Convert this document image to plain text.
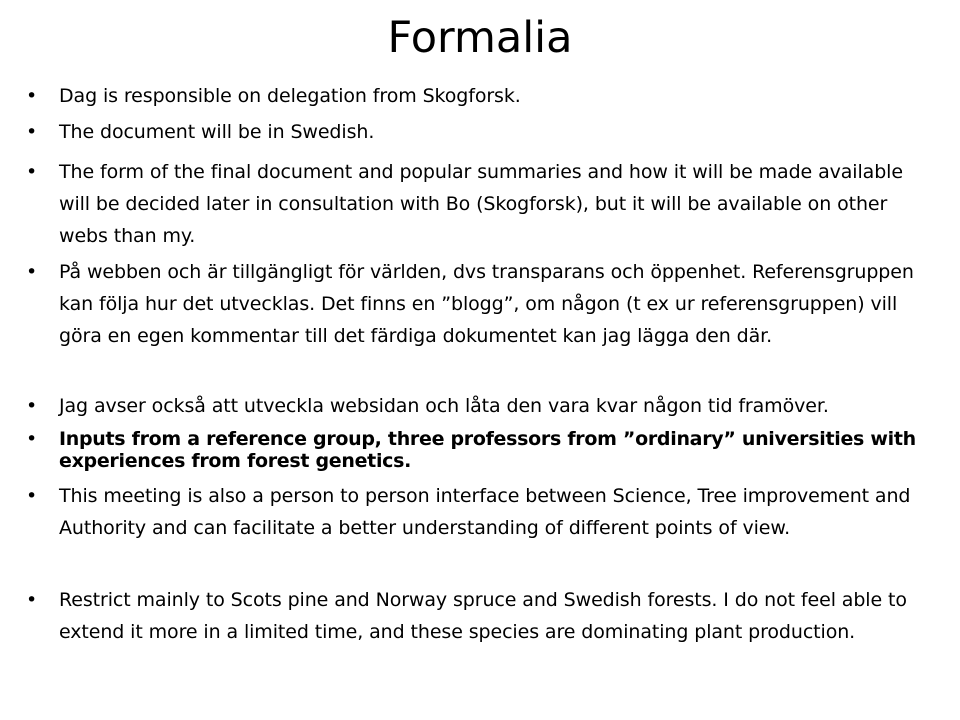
Formalia
•	Dag is responsible on delegation from Skogforsk.
•	The document will be in Swedish.
•	The form of the final document and popular summaries and how it will be made available will be decided later in consultation with Bo (Skogforsk), but it will be available on other webs than my.
•	På webben och är tillgängligt för världen, dvs transparans och öppenhet. Referensgruppen kan följa hur det utvecklas. Det finns en ”blogg”, om någon (t ex ur referensgruppen) vill göra en egen kommentar till det färdiga dokumentet kan jag lägga den där.
•	Jag avser också att utveckla websidan och låta den vara kvar någon tid framöver.
•	Inputs from a reference group, three professors from ”ordinary” universities with experiences from forest genetics.
•	This meeting is also a person to person interface between Science, Tree improvement and Authority and can facilitate a better understanding of different points of view.
•	Restrict mainly to Scots pine and Norway spruce and Swedish forests. I do not feel able to extend it more in a limited time, and these species are dominating plant production.
